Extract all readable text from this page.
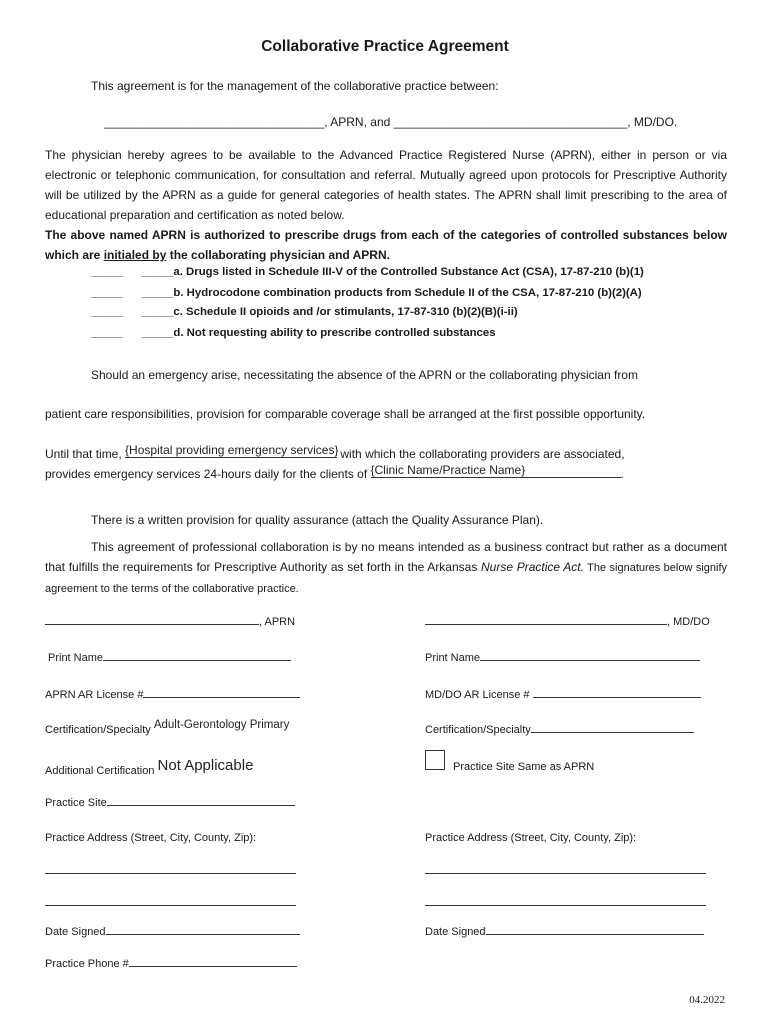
Collaborative Practice Agreement
This agreement is for the management of the collaborative practice between:
_________________________________, APRN, and ___________________________________, MD/DO.
The physician hereby agrees to be available to the Advanced Practice Registered Nurse (APRN), either in person or via electronic or telephonic communication, for consultation and referral. Mutually agreed upon protocols for Prescriptive Authority will be utilized by the APRN as a guide for general categories of health states. The APRN shall limit prescribing to the area of educational preparation and certification as noted below.
The above named APRN is authorized to prescribe drugs from each of the categories of controlled substances below which are initialed by the collaborating physician and APRN.
_____ _____a. Drugs listed in Schedule III-V of the Controlled Substance Act (CSA), 17-87-210 (b)(1)
_____ _____b. Hydrocodone combination products from Schedule II of the CSA, 17-87-210 (b)(2)(A)
_____ _____c. Schedule II opioids and /or stimulants, 17-87-310 (b)(2)(B)(i-ii)
_____ _____d. Not requesting ability to prescribe controlled substances
Should an emergency arise, necessitating the absence of the APRN or the collaborating physician from
patient care responsibilities, provision for comparable coverage shall be arranged at the first possible opportunity.
Until that time, {Hospital providing emergency services} with which the collaborating providers are associated,
provides emergency services 24-hours daily for the clients of {Clinic Name/Practice Name}	.
There is a written provision for quality assurance (attach the Quality Assurance Plan).
This agreement of professional collaboration is by no means intended as a business contract but rather as a document that fulfills the requirements for Prescriptive Authority as set forth in the Arkansas Nurse Practice Act. The signatures below signify agreement to the terms of the collaborative practice.
, APRN
Print Name
APRN AR License #
Certification/Specialty Adult-Gerontology Primary
Additional Certification Not Applicable
Practice Site
Practice Address (Street, City, County, Zip):
Date Signed
Practice Phone #
, MD/DO
Print Name
MD/DO AR License #
Certification/Specialty
Practice Site Same as APRN
Practice Address (Street, City, County, Zip):
Date Signed
04.2022
